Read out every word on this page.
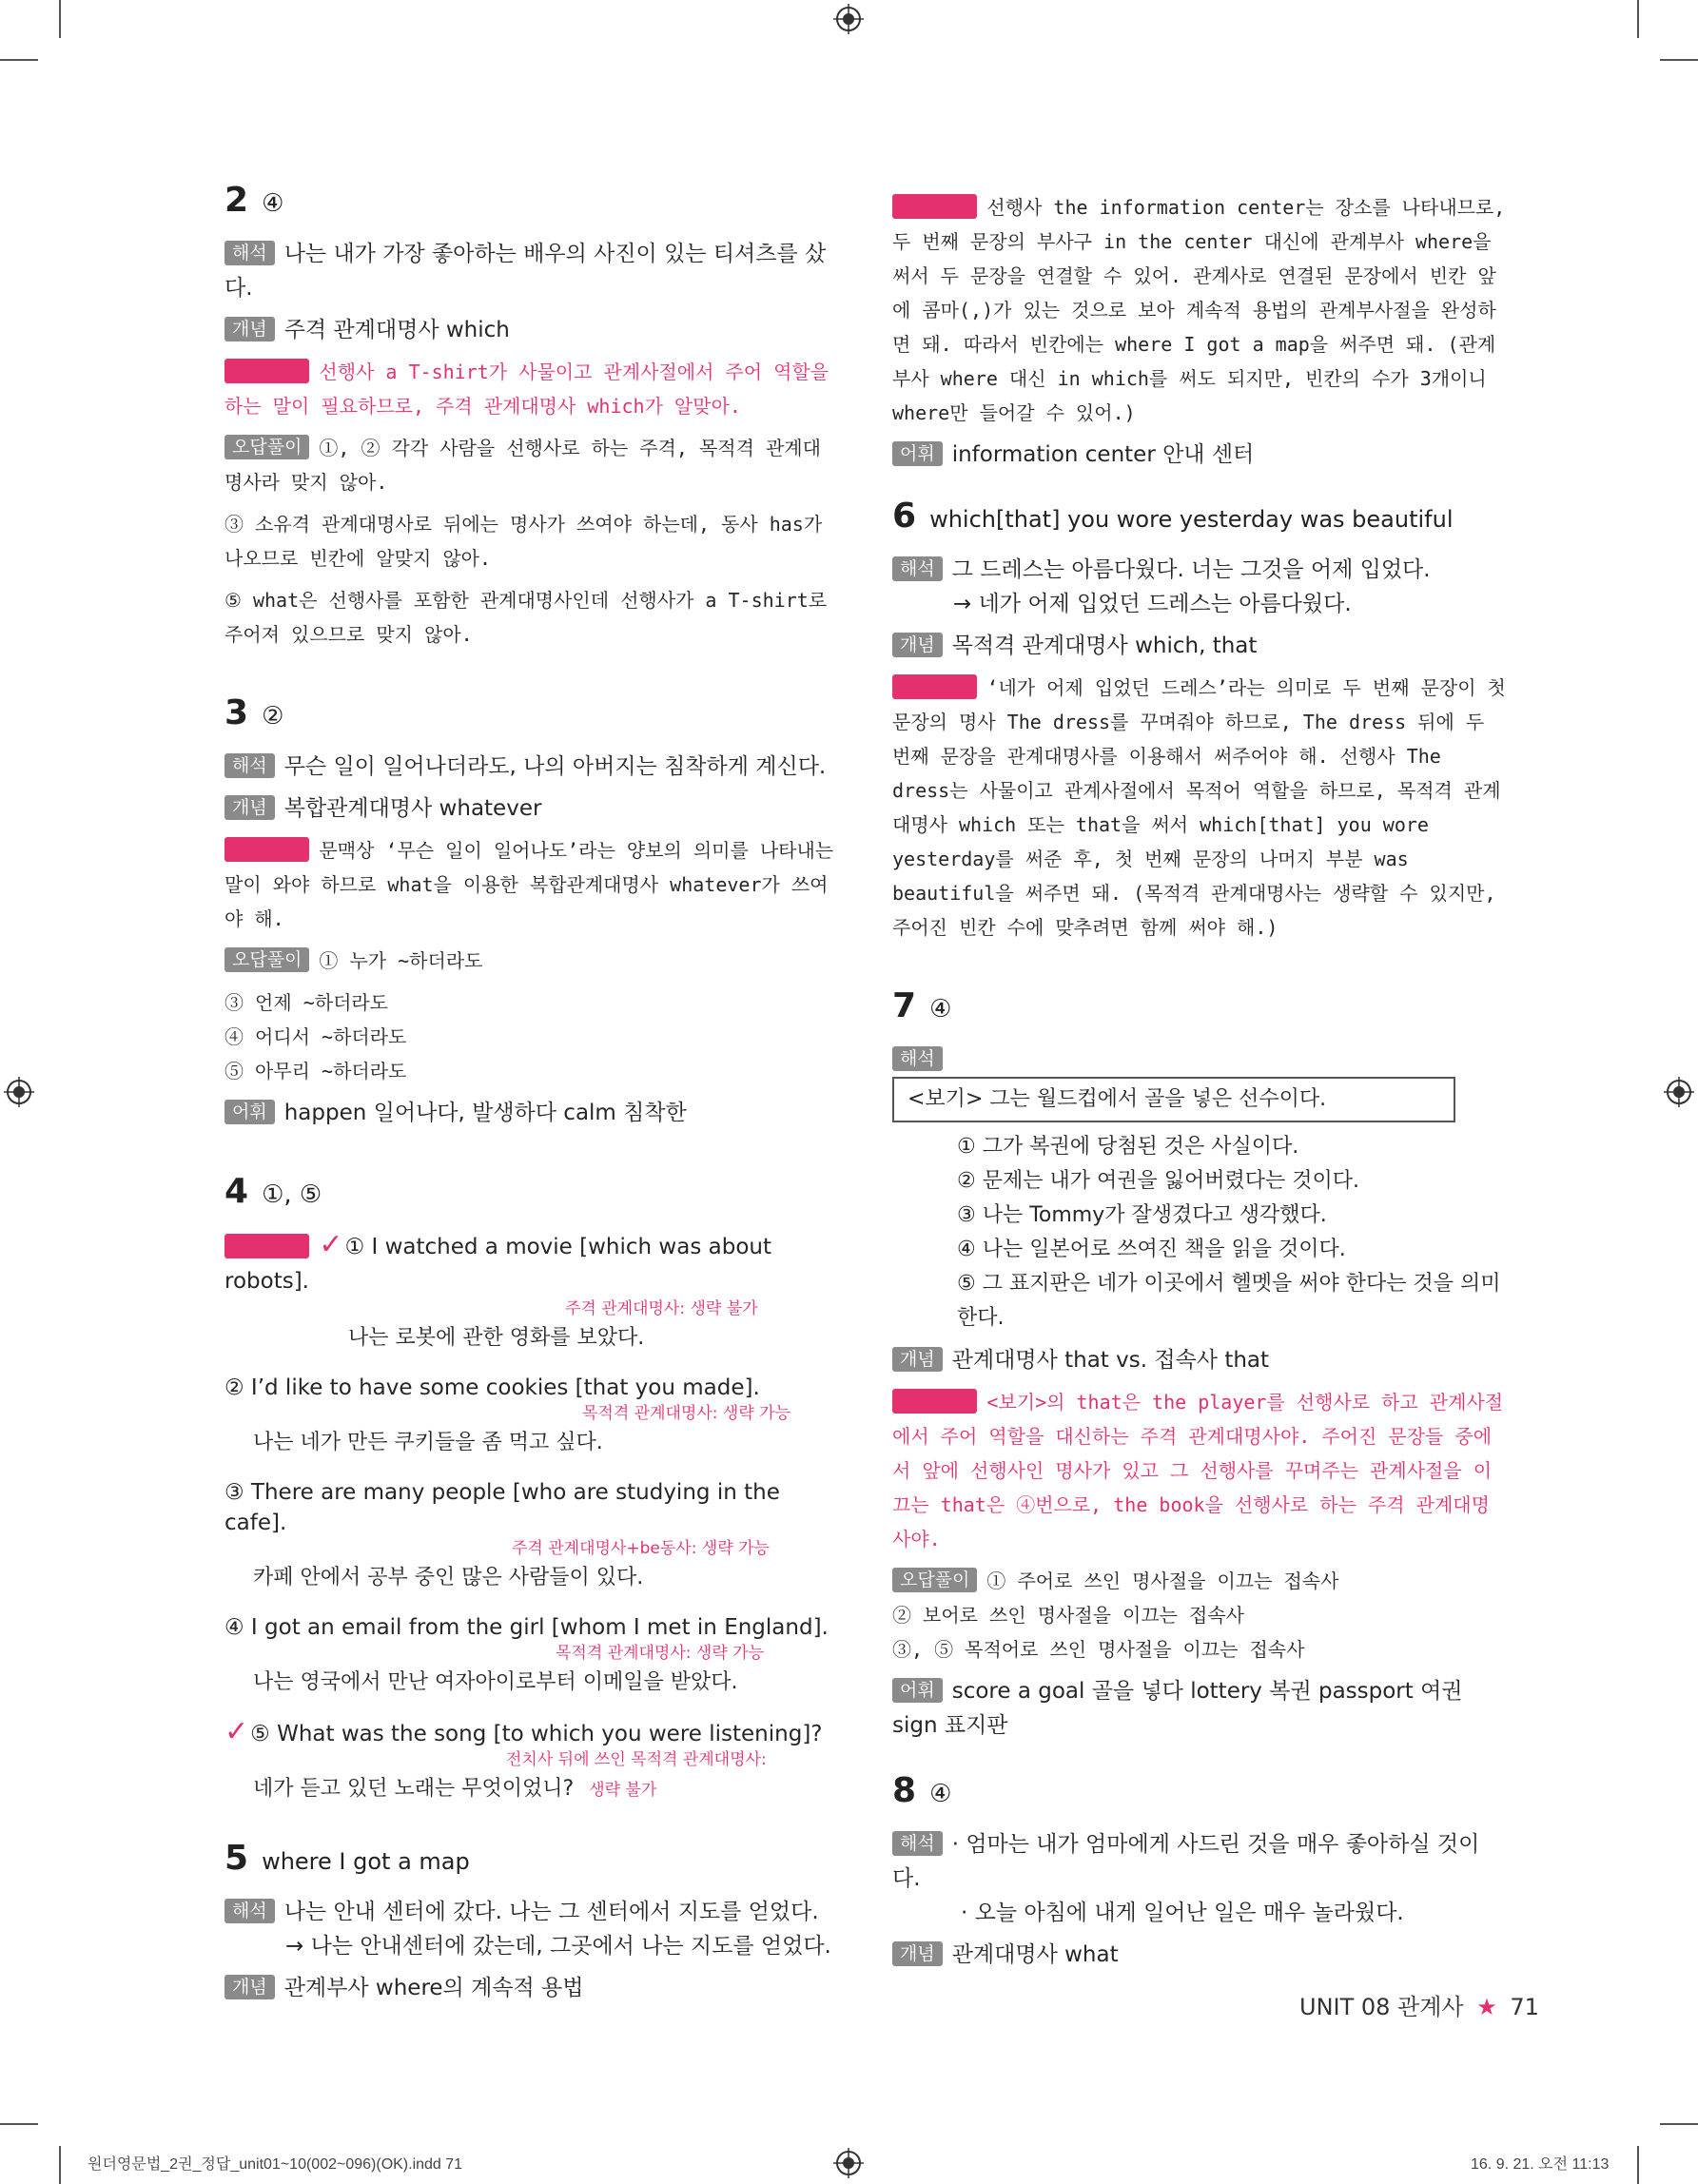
2 ④
해석 나는 내가 가장 좋아하는 배우의 사진이 있는 티셔츠를 샀다.
개념 주격 관계대명사 which
정답풀이 선행사 a T-shirt가 사물이고 관계사절에서 주어 역할을 하는 말이 필요하므로, 주격 관계대명사 which가 알맞아.
오답풀이 ①, ② 각각 사람을 선행사로 하는 주격, 목적격 관계대명사라 맞지 않아.
③ 소유격 관계대명사로 뒤에는 명사가 쓰여야 하는데, 동사 has가 나오므로 빈칸에 알맞지 않아.
⑤ what은 선행사를 포함한 관계대명사인데 선행사가 a T-shirt로 주어져 있으므로 맞지 않아.
3 ②
해석 무슨 일이 일어나더라도, 나의 아버지는 침착하게 계신다.
개념 복합관계대명사 whatever
정답풀이 문맥상 ‘무슨 일이 일어나도’라는 양보의 의미를 나타내는 말이 와야 하므로 what을 이용한 복합관계대명사 whatever가 쓰여야 해.
오답풀이 ① 누가 ~하더라도
③ 언제 ~하더라도
④ 어디서 ~하더라도
⑤ 아무리 ~하더라도
어휘 happen 일어나다, 발생하다 calm 침착한
4 ①, ⑤
정답풀이 ✓① I watched a movie [which was about robots].
주격 관계대명사: 생략 불가
나는 로봇에 관한 영화를 보았다.
② I’d like to have some cookies [that you made].
목적격 관계대명사: 생략 가능
나는 네가 만든 쿠키들을 좀 먹고 싶다.
③ There are many people [who are studying in the cafe].
주격 관계대명사+be동사: 생략 가능
카페 안에서 공부 중인 많은 사람들이 있다.
④ I got an email from the girl [whom I met in England].
목적격 관계대명사: 생략 가능
나는 영국에서 만난 여자아이로부터 이메일을 받았다.
✓⑤ What was the song [to which you were listening]?
전치사 뒤에 쓰인 목적격 관계대명사:
네가 듣고 있던 노래는 무엇이었니? 생략 불가
5 where I got a map
해석 나는 안내 센터에 갔다. 나는 그 센터에서 지도를 얻었다.
→ 나는 안내센터에 갔는데, 그곳에서 나는 지도를 얻었다.
개념 관계부사 where의 계속적 용법
정답풀이 선행사 the information center는 장소를 나타내므로, 두 번째 문장의 부사구 in the center 대신에 관계부사 where을 써서 두 문장을 연결할 수 있어. 관계사로 연결된 문장에서 빈칸 앞에 콤마(,)가 있는 것으로 보아 계속적 용법의 관계부사절을 완성하면 돼. 따라서 빈칸에는 where I got a map을 써주면 돼. (관계부사 where 대신 in which를 써도 되지만, 빈칸의 수가 3개이니 where만 들어갈 수 있어.)
어휘 information center 안내 센터
6 which[that] you wore yesterday was beautiful
해석 그 드레스는 아름다웠다. 너는 그것을 어제 입었다.
→ 네가 어제 입었던 드레스는 아름다웠다.
개념 목적격 관계대명사 which, that
정답풀이 ‘네가 어제 입었던 드레스’라는 의미로 두 번째 문장이 첫 문장의 명사 The dress를 꾸며줘야 하므로, The dress 뒤에 두 번째 문장을 관계대명사를 이용해서 써주어야 해. 선행사 The dress는 사물이고 관계사절에서 목적어 역할을 하므로, 목적격 관계대명사 which 또는 that을 써서 which[that] you wore yesterday를 써준 후, 첫 번째 문장의 나머지 부분 was beautiful을 써주면 돼. (목적격 관계대명사는 생략할 수 있지만, 주어진 빈칸 수에 맞추려면 함께 써야 해.)
7 ④
해석<보기> 그는 월드컵에서 골을 넣은 선수이다.
① 그가 복권에 당첨된 것은 사실이다.
② 문제는 내가 여권을 잃어버렸다는 것이다.
③ 나는 Tommy가 잘생겼다고 생각했다.
④ 나는 일본어로 쓰여진 책을 읽을 것이다.
⑤ 그 표지판은 네가 이곳에서 헬멧을 써야 한다는 것을 의미한다.
개념 관계대명사 that vs. 접속사 that
정답풀이 <보기>의 that은 the player를 선행사로 하고 관계사절에서 주어 역할을 대신하는 주격 관계대명사야. 주어진 문장들 중에서 앞에 선행사인 명사가 있고 그 선행사를 꾸며주는 관계사절을 이끄는 that은 ④번으로, the book을 선행사로 하는 주격 관계대명사야.
오답풀이 ① 주어로 쓰인 명사절을 이끄는 접속사
② 보어로 쓰인 명사절을 이끄는 접속사
③, ⑤ 목적어로 쓰인 명사절을 이끄는 접속사
어휘 score a goal 골을 넣다 lottery 복권 passport 여권 sign 표지판
8 ④
해석 · 엄마는 내가 엄마에게 사드린 것을 매우 좋아하실 것이다.
· 오늘 아침에 내게 일어난 일은 매우 놀라웠다.
개념 관계대명사 what
UNIT 08 관계사 ★ 71
원더영문법_2권_정답_unit01~10(002~096)(OK).indd 71	16. 9. 21. 오전 11:13
